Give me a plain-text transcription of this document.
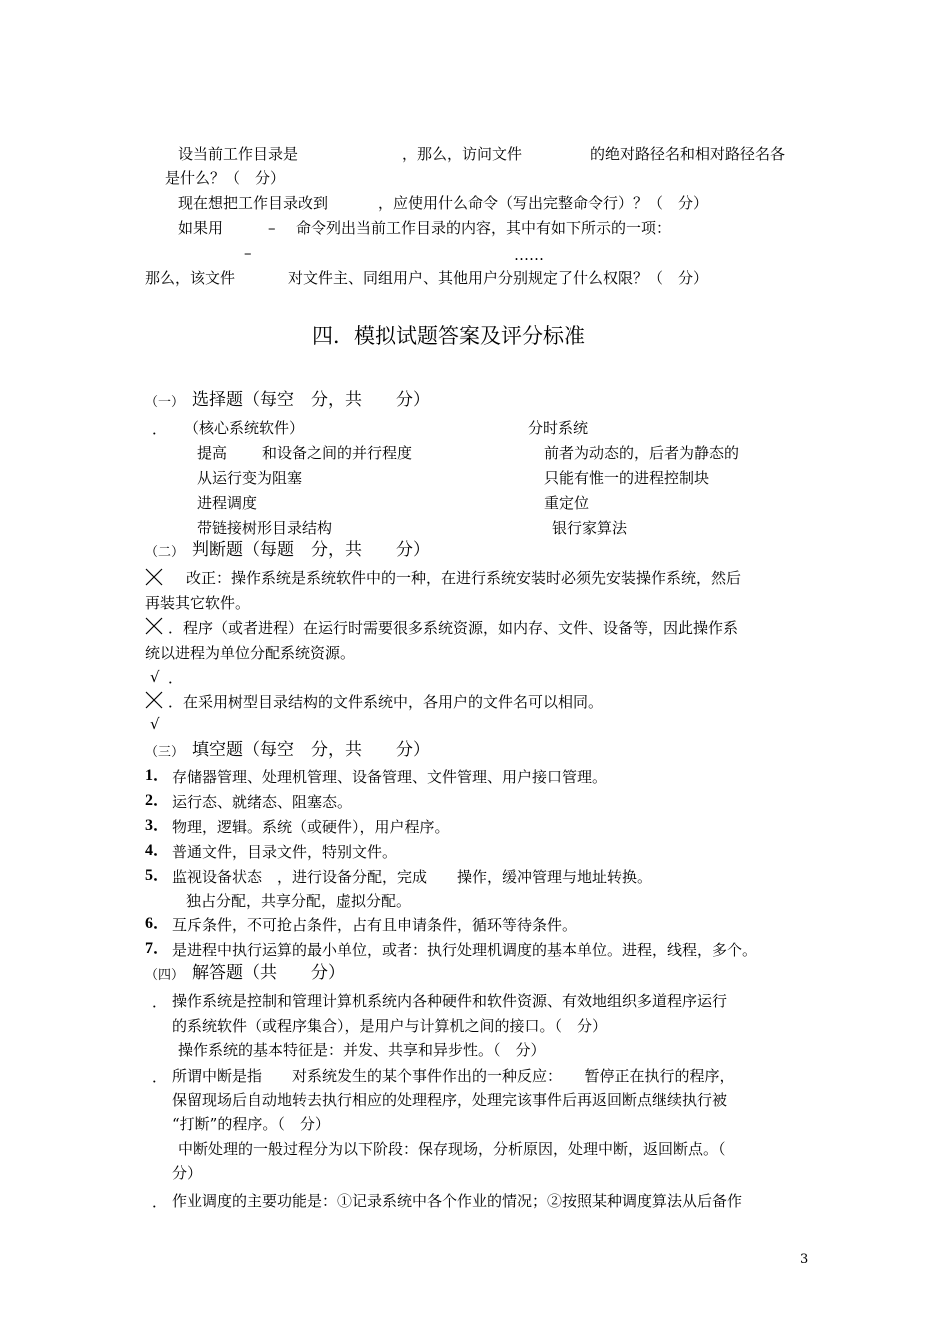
设当前工作目录是	，那么，访问文件	的绝对路径名和相对路径名各
是什么？（　分）
现在想把工作目录改到	，应使用什么命令（写出完整命令行）？（　分）
如果用	– 命令列出当前工作目录的内容，其中有如下所示的一项：
–	……
那么，该文件	对文件主、同组用户、其他用户分别规定了什么权限？（　分）
四．模拟试题答案及评分标准
（一） 选择题（每空　分，共　　分）
． （核心系统软件）	分时系统
提高 和设备之间的并行程度	前者为动态的，后者为静态的
从运行变为阻塞	只能有惟一的进程控制块
进程调度	重定位
带链接树形目录结构	银行家算法
（二） 判断题（每题　分，共　　分）
改正：操作系统是系统软件中的一种，在进行系统安装时必须先安装操作系统，然后
再装其它软件。
．程序（或者进程）在运行时需要很多系统资源，如内存、文件、设备等，因此操作系
统以进程为单位分配系统资源。
√ ．
．在采用树型目录结构的文件系统中，各用户的文件名可以相同。
√
（三） 填空题（每空　分，共　　分）
1． 存储器管理、处理机管理、设备管理、文件管理、用户接口管理。
2． 运行态、就绪态、阻塞态。
3． 物理，逻辑。系统（或硬件），用户程序。
4． 普通文件，目录文件，特别文件。
5． 监视设备状态　，进行设备分配，完成　　操作，缓冲管理与地址转换。
独占分配，共享分配，虚拟分配。
6． 互斥条件，不可抢占条件，占有且申请条件，循环等待条件。
7． 是进程中执行运算的最小单位，或者：执行处理机调度的基本单位。进程，线程，多个。
（四） 解答题（共　　分）
． 操作系统是控制和管理计算机系统内各种硬件和软件资源、有效地组织多道程序运行
的系统软件（或程序集合），是用户与计算机之间的接口。（　分）
操作系统的基本特征是：并发、共享和异步性。（　分）
． 所谓中断是指　　对系统发生的某个事件作出的一种反应：　　暂停正在执行的程序，
保留现场后自动地转去执行相应的处理程序，处理完该事件后再返回断点继续执行被
“打断”的程序。（　分）
中断处理的一般过程分为以下阶段：保存现场，分析原因，处理中断，返回断点。（
分）
． 作业调度的主要功能是：①记录系统中各个作业的情况；②按照某种调度算法从后备作
3
